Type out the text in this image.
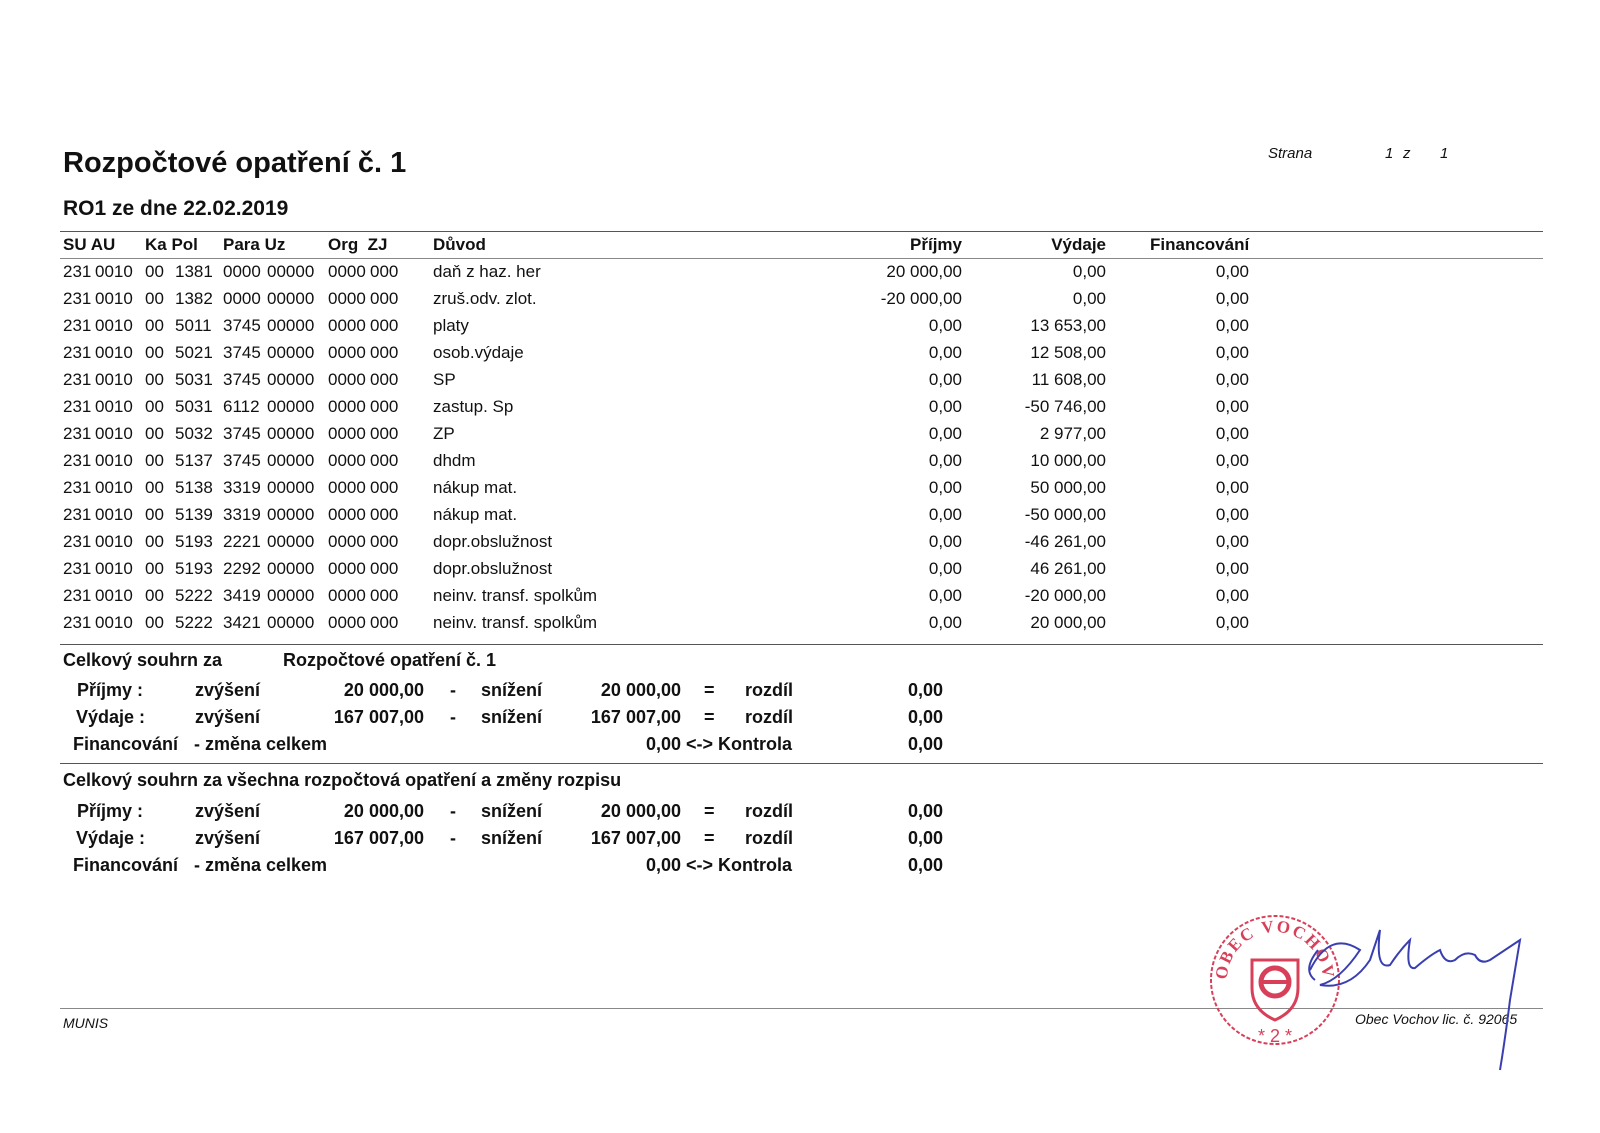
Rozpočtové opatření č. 1
RO1 ze dne 22.02.2019
Strana	1 z 1
SU AU Ka Pol Para Uz	Org  ZJ	Důvod	Příjmy	Výdaje	Financování
231 0010 00 1381 0000 00000 0000 000 daň z haz. her	20 000,00	0,00	0,00
231 0010 00 1382 0000 00000 0000 000 zruš.odv. zlot.	-20 000,00	0,00	0,00
231 0010 00 5011 3745 00000 0000 000 platy	0,00	13 653,00	0,00
231 0010 00 5021 3745 00000 0000 000 osob.výdaje	0,00	12 508,00	0,00
231 0010 00 5031 3745 00000 0000 000 SP	0,00	11 608,00	0,00
231 0010 00 5031 6112 00000 0000 000 zastup. Sp	0,00	-50 746,00	0,00
231 0010 00 5032 3745 00000 0000 000 ZP	0,00	2 977,00	0,00
231 0010 00 5137 3745 00000 0000 000 dhdm	0,00	10 000,00	0,00
231 0010 00 5138 3319 00000 0000 000 nákup mat.	0,00	50 000,00	0,00
231 0010 00 5139 3319 00000 0000 000 nákup mat.	0,00	-50 000,00	0,00
231 0010 00 5193 2221 00000 0000 000 dopr.obslužnost	0,00	-46 261,00	0,00
231 0010 00 5193 2292 00000 0000 000 dopr.obslužnost	0,00	46 261,00	0,00
231 0010 00 5222 3419 00000 0000 000 neinv. transf. spolkům	0,00	-20 000,00	0,00
231 0010 00 5222 3421 00000 0000 000 neinv. transf. spolkům	0,00	20 000,00	0,00
Celkový souhrn za	Rozpočtové opatření č. 1
Příjmy :	zvýšení	20 000,00 - snížení	20 000,00 = rozdíl	0,00
Výdaje :	zvýšení	167 007,00 - snížení	167 007,00 = rozdíl	0,00
Financování - změna celkem	0,00 <-> Kontrola	0,00
Celkový souhrn za všechna rozpočtová opatření a změny rozpisu
Příjmy :	zvýšení	20 000,00 - snížení	20 000,00 = rozdíl	0,00
Výdaje :	zvýšení	167 007,00 - snížení	167 007,00 = rozdíl	0,00
Financování - změna celkem	0,00 <-> Kontrola	0,00
MUNIS	Obec Vochov lic. č. 92065
OBEC VOCHOV
* 2 *
